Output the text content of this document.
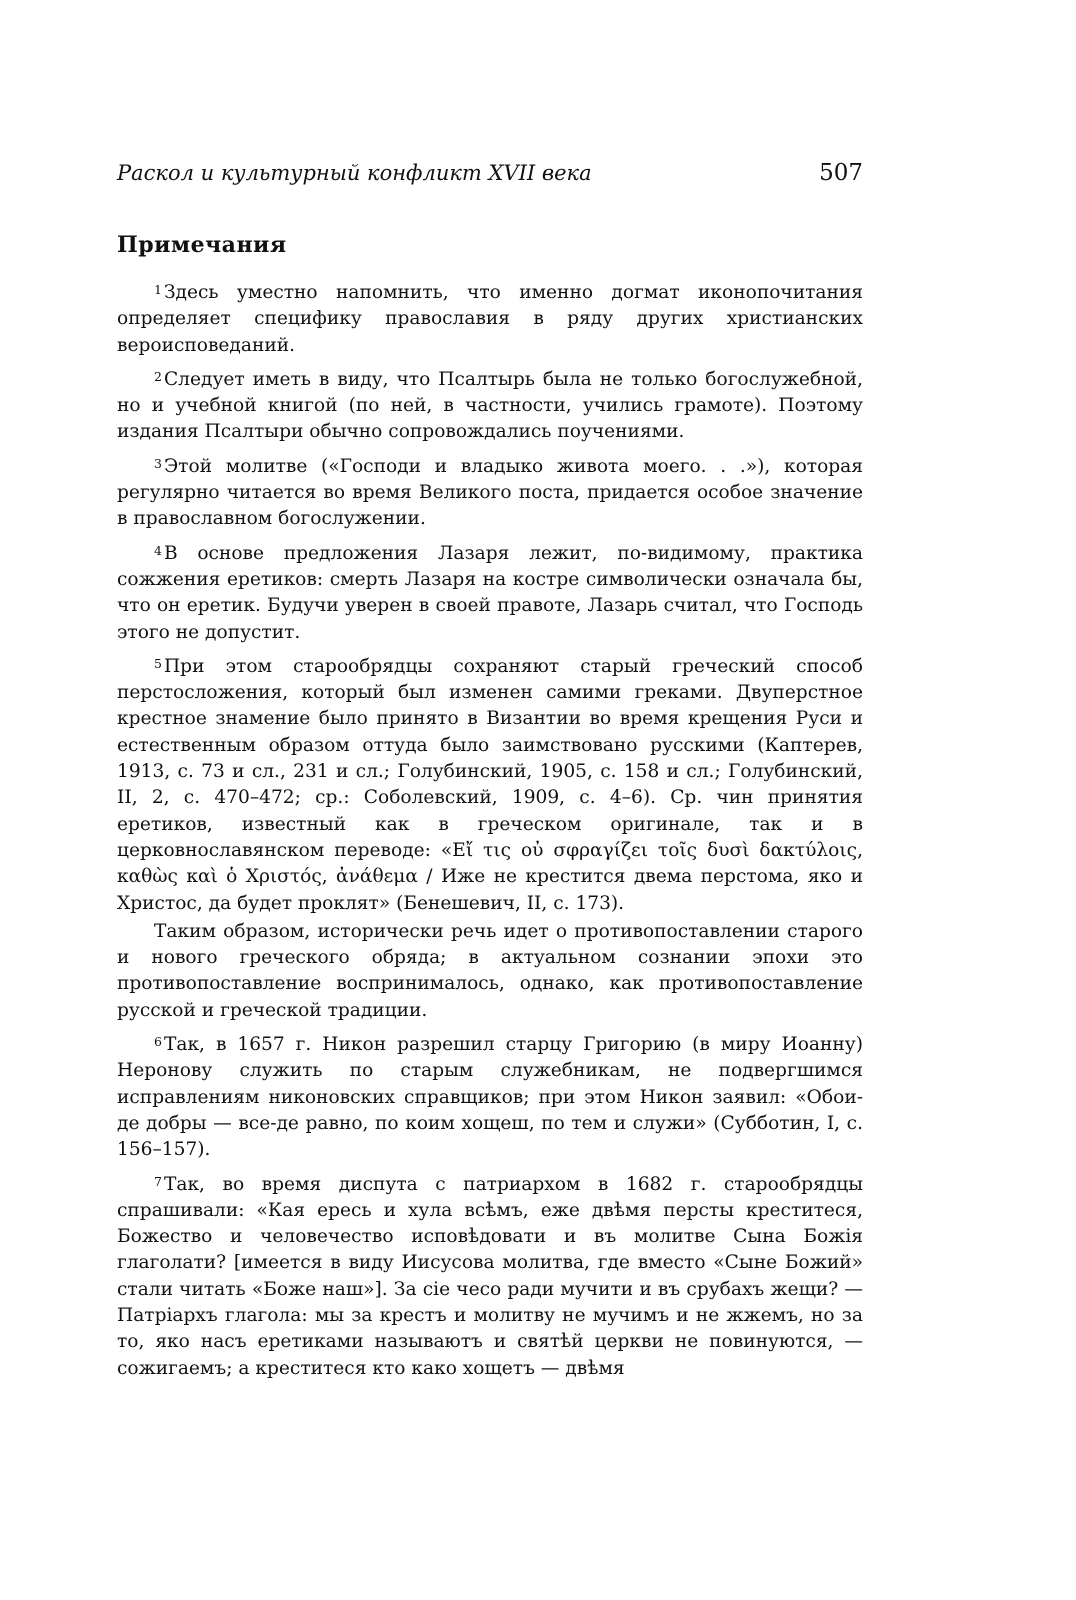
Раскол и культурный конфликт XVII века	507
Примечания

$^1$ Здесь уместно напомнить, что именно догмат иконопочитания определяет специфику православия в ряду других христианских вероисповеданий.

$^2$ Следует иметь в виду, что Псалтырь была не только богослужебной, но и учебной книгой (по ней, в частности, учились грамоте). Поэтому издания Псалтыри обычно сопровождались поучениями.

$^3$ Этой молитве («Господи и владыко живота моего. . .»), которая регулярно читается во время Великого поста, придается особое значение в православном богослужении.

$^4$ В основе предложения Лазаря лежит, по-видимому, практика сожжения еретиков: смерть Лазаря на костре символически означала бы, что он еретик. Будучи уверен в своей правоте, Лазарь считал, что Господь этого не допустит.

$^5$ При этом старообрядцы сохраняют старый греческий способ перстосложения, который был изменен самими греками. Двуперстное крестное знамение было принято в Византии во время крещения Руси и естественным образом оттуда было заимствовано русскими (Каптерев, 1913, с. 73 и сл., 231 и сл.; Голубинский, 1905, с. 158 и сл.; Голубинский, II, 2, с. 470–472; ср.: Соболевский, 1909, с. 4–6). Ср. чин принятия еретиков, известный как в греческом оригинале, так и в церковнославянском переводе: «Εἴ τις οὐ σφραγίζει τοῖς δυσὶ δακτύλοις, καθὼς καὶ ὁ Χριστός, ἀνάθεμα / Иже не крестится двема перстома, яко и Христос, да будет проклят» (Бенешевич, II, с. 173).

Таким образом, исторически речь идет о противопоставлении старого и нового греческого обряда; в актуальном сознании эпохи это противопоставление воспринималось, однако, как противопоставление русской и греческой традиции.

$^6$ Так, в 1657 г. Никон разрешил старцу Григорию (в миру Иоанну) Неронову служить по старым служебникам, не подвергшимся исправлениям никоновских справщиков; при этом Никон заявил: «Обои-де добры — все-де равно, по коим хощеш, по тем и служи» (Субботин, I, с. 156–157).

$^7$ Так, во время диспута с патриархом в 1682 г. старообрядцы спрашивали: «Кая ересь и хула всѣмъ, еже двѣмя персты креститеся, Божество и человечество исповѣдовати и въ молитве Сына Божія глаголати? [имеется в виду Иисусова молитва, где вместо «Сыне Божий» стали читать «Боже наш»]. За сіе чесо ради мучити и въ срубахъ жещи? — Патріархъ глагола: мы за крестъ и молитву не мучимъ и не жжемъ, но за то, яко насъ еретиками называютъ и святѣй церкви не повинуются, — сожигаемъ; а креститеся кто како хощетъ — двѣмя
